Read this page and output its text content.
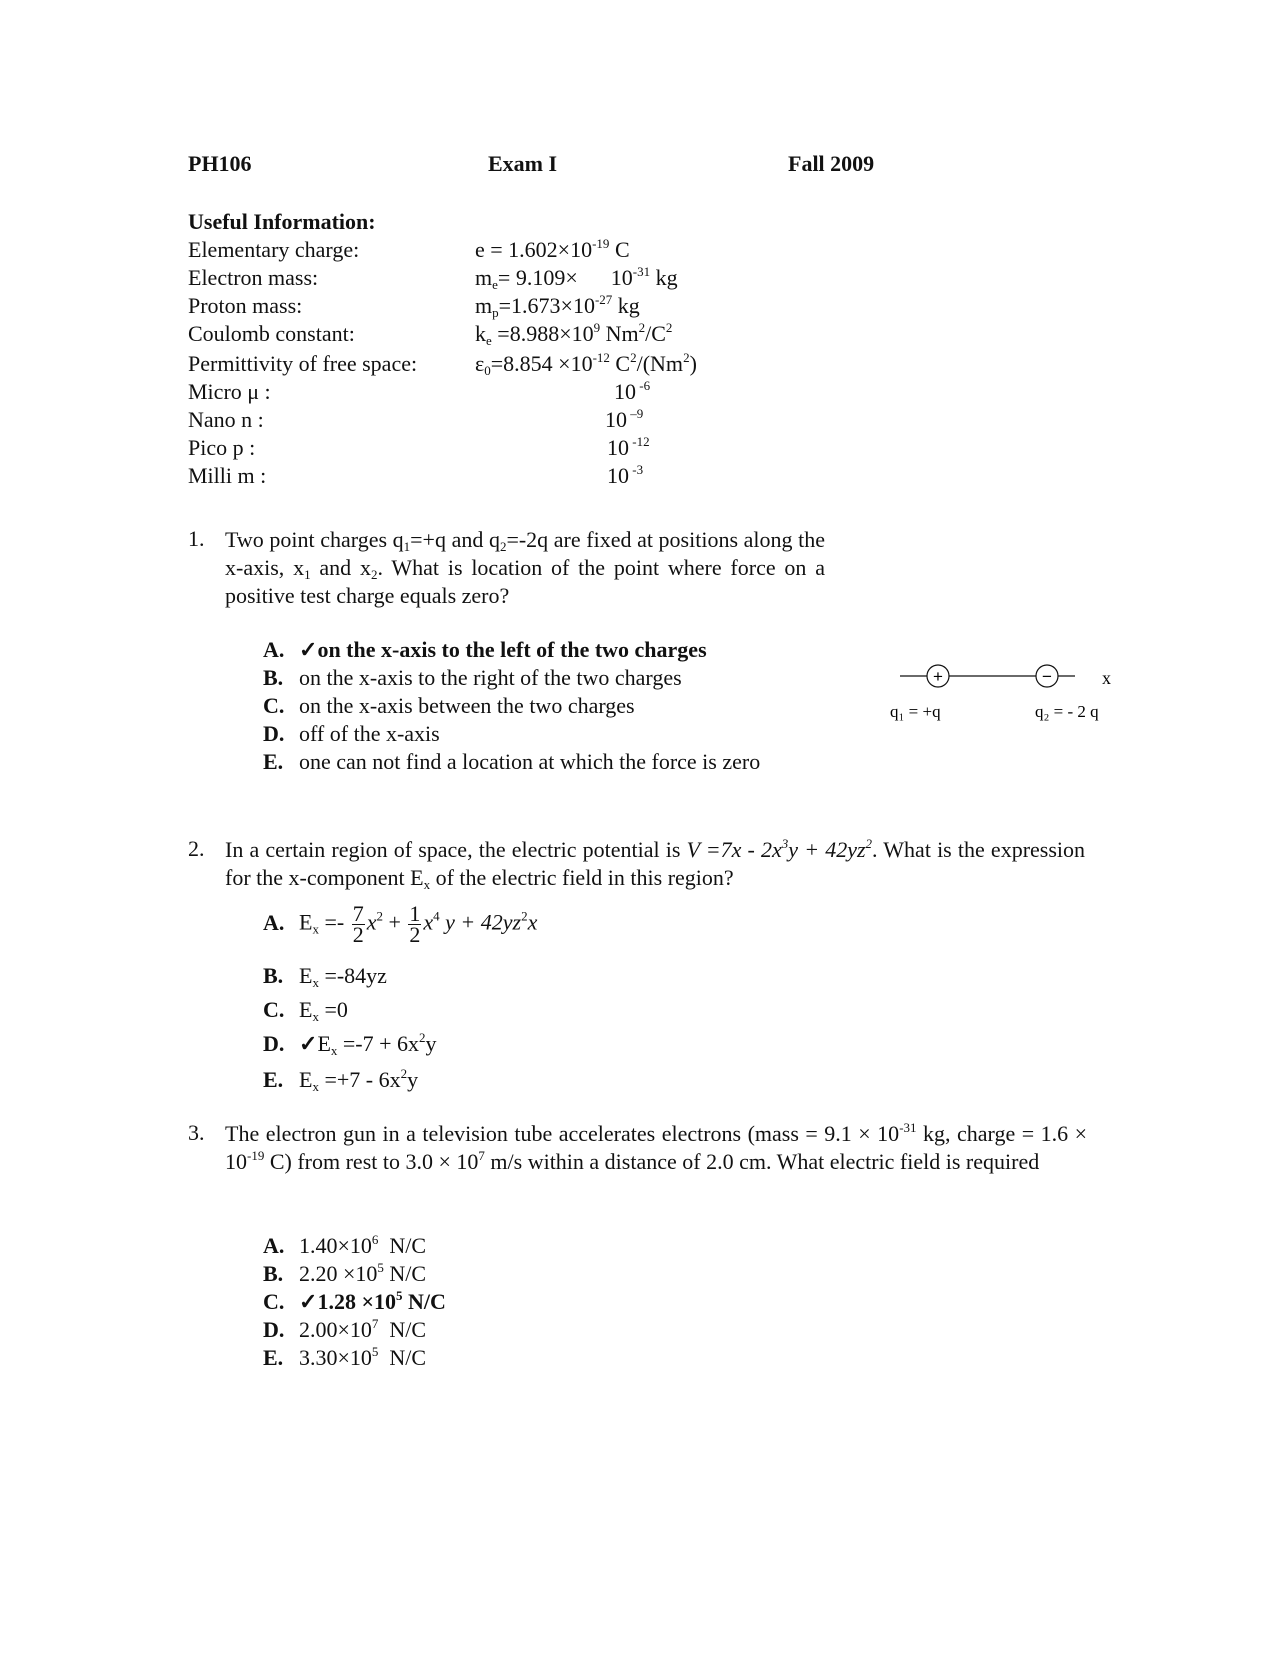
PH106	Exam I	Fall 2009
Useful Information:
Elementary charge:	$e = 1.602\times 10^{-19}$ C
Electron mass:	$m_e= 9.109\times$      $10^{-31}$ kg
Proton mass:	$m_p=1.673\times 10^{-27}$ kg
Coulomb constant:	$k_e =8.988\times 10^9$ $Nm^2/C^2$
Permittivity of free space:	$\varepsilon_0=8.854 \times 10^{-12}$ $C^2/(Nm^2)$
Micro μ :	10 $^{-6}$
Nano n :	10 $^{-9}$
Pico p :	10 $^{-12}$
Milli m :	10 $^{-3}$
1. Two point charges $q_1=+q$ and $q_2=-2q$ are fixed at positions along the x-axis, $x_1$ and $x_2$. What is location of the point where force on a positive test charge equals zero?
A. ✓on the x-axis to the left of the two charges
B. on the x-axis to the right of the two charges
C. on the x-axis between the two charges
D. off of the x-axis
E. one can not find a location at which the force is zero
+	−	x
q₁ = +q	q₂ = - 2 q
2. In a certain region of space, the electric potential is $V =7x - 2x^3y + 42yz^2$. What is the expression for the x-component $E_x$ of the electric field in this region?
A. $E_x =- \frac{7}{2} x^2 + \frac{1}{2} x^4$ $y + 42yz^2x$
B. $E_x =-84yz$
C. $E_x =0$
D. $✓E_x =-7 + 6x^2y$
E. $E_x =+7 - 6x^2y$
3. The electron gun in a television tube accelerates electrons (mass = $9.1 \times 10^{-31}$ kg, charge = $1.6 \times 10^{-19}$ C) from rest to $3.0 \times 10^7$ m/s within a distance of 2.0 cm. What electric field is required
A. $1.40\times 10^6$  N/C
B. $2.20 \times 10^5$ N/C
C. ✓1.28 $\times 10^5$ N/C
D. $2.00\times 10^7$  N/C
E. $3.30\times 10^5$  N/C
